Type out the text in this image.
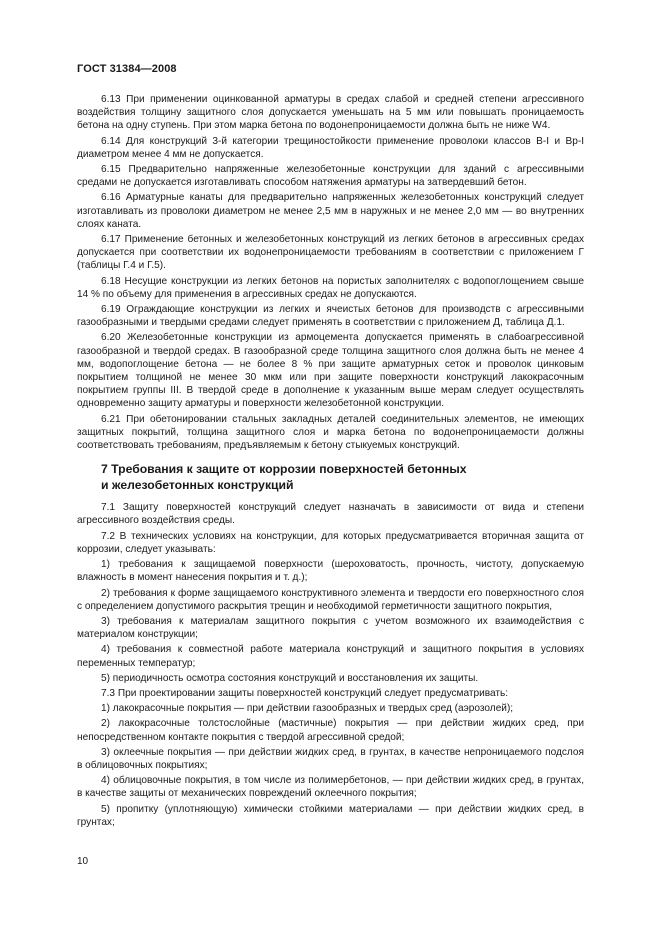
ГОСТ 31384—2008

6.13 При применении оцинкованной арматуры в средах слабой и средней степени агрессивного воздействия толщину защитного слоя допускается уменьшать на 5 мм или повышать проницаемость бетона на одну ступень. При этом марка бетона по водонепроницаемости должна быть не ниже W4.

6.14 Для конструкций 3-й категории трещиностойкости применение проволоки классов В-I и Вр-I диаметром менее 4 мм не допускается.

6.15 Предварительно напряженные железобетонные конструкции для зданий с агрессивными средами не допускается изготавливать способом натяжения арматуры на затвердевший бетон.

6.16 Арматурные канаты для предварительно напряженных железобетонных конструкций следует изготавливать из проволоки диаметром не менее 2,5 мм в наружных и не менее 2,0 мм — во внутренних слоях каната.

6.17 Применение бетонных и железобетонных конструкций из легких бетонов в агрессивных средах допускается при соответствии их водонепроницаемости требованиям в соответствии с приложением Г (таблицы Г.4 и Г.5).

6.18 Несущие конструкции из легких бетонов на пористых заполнителях с водопоглощением свыше 14 % по объему для применения в агрессивных средах не допускаются.

6.19 Ограждающие конструкции из легких и ячеистых бетонов для производств с агрессивными газообразными и твердыми средами следует применять в соответствии с приложением Д, таблица Д.1.

6.20 Железобетонные конструкции из армоцемента допускается применять в слабоагрессивной газообразной и твердой средах. В газообразной среде толщина защитного слоя должна быть не менее 4 мм, водопоглощение бетона — не более 8 % при защите арматурных сеток и проволок цинковым покрытием толщиной не менее 30 мкм или при защите поверхности конструкций лакокрасочным покрытием группы III. В твердой среде в дополнение к указанным выше мерам следует осуществлять одновременно защиту арматуры и поверхности железобетонной конструкции.

6.21 При обетонировании стальных закладных деталей соединительных элементов, не имеющих защитных покрытий, толщина защитного слоя и марка бетона по водонепроницаемости должны соответствовать требованиям, предъявляемым к бетону стыкуемых конструкций.

7 Требования к защите от коррозии поверхностей бетонных
и железобетонных конструкций

7.1 Защиту поверхностей конструкций следует назначать в зависимости от вида и степени агрессивного воздействия среды.

7.2 В технических условиях на конструкции, для которых предусматривается вторичная защита от коррозии, следует указывать:

1) требования к защищаемой поверхности (шероховатость, прочность, чистоту, допускаемую влажность в момент нанесения покрытия и т. д.);

2) требования к форме защищаемого конструктивного элемента и твердости его поверхностного слоя с определением допустимого раскрытия трещин и необходимой герметичности защитного покрытия,

3) требования к материалам защитного покрытия с учетом возможного их взаимодействия с материалом конструкции;

4) требования к совместной работе материала конструкций и защитного покрытия в условиях переменных температур;

5) периодичность осмотра состояния конструкций и восстановления их защиты.

7.3 При проектировании защиты поверхностей конструкций следует предусматривать:

1) лакокрасочные покрытия — при действии газообразных и твердых сред (аэрозолей);

2) лакокрасочные толстослойные (мастичные) покрытия — при действии жидких сред, при непосредственном контакте покрытия с твердой агрессивной средой;

3) оклеечные покрытия — при действии жидких сред, в грунтах, в качестве непроницаемого подслоя в облицовочных покрытиях;

4) облицовочные покрытия, в том числе из полимербетонов, — при действии жидких сред, в грунтах, в качестве защиты от механических повреждений оклеечного покрытия;

5) пропитку (уплотняющую) химически стойкими материалами — при действии жидких сред, в грунтах;

10
